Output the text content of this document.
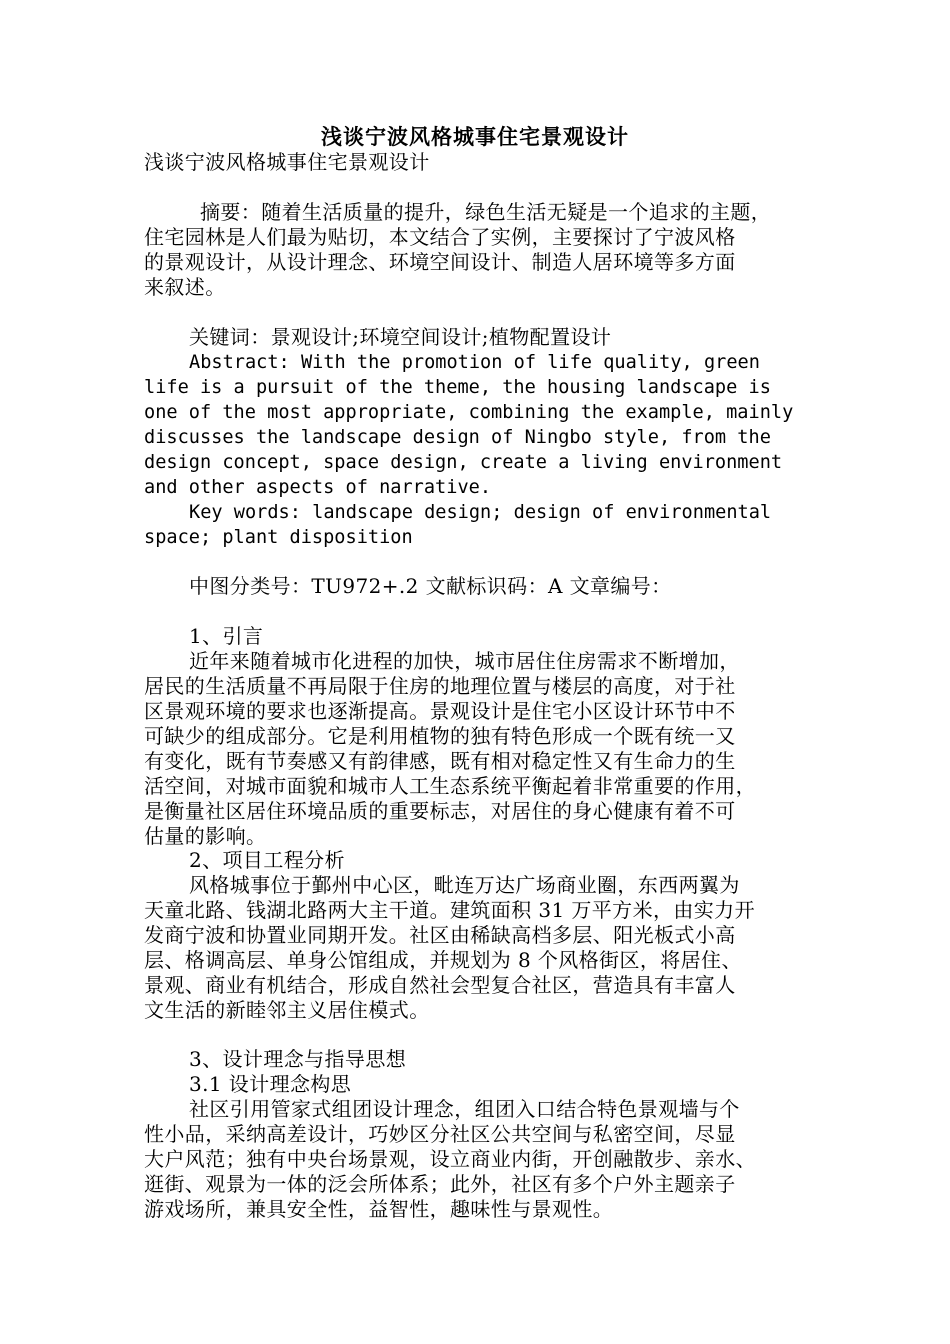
浅谈宁波风格城事住宅景观设计
浅谈宁波风格城事住宅景观设计
摘要：随着生活质量的提升，绿色生活无疑是一个追求的主题，
住宅园林是人们最为贴切，本文结合了实例，主要探讨了宁波风格
的景观设计，从设计理念、环境空间设计、制造人居环境等多方面
来叙述。
关键词：景观设计;环境空间设计;植物配置设计
Abstract: With the promotion of life quality, green
life is a pursuit of the theme, the housing landscape is
one of the most appropriate, combining the example, mainly
discusses the landscape design of Ningbo style, from the
design concept, space design, create a living environment
and other aspects of narrative.
Key words: landscape design; design of environmental
space; plant disposition
中图分类号：TU972+.2 文献标识码：A 文章编号：
1、引言
近年来随着城市化进程的加快，城市居住住房需求不断增加，
居民的生活质量不再局限于住房的地理位置与楼层的高度，对于社
区景观环境的要求也逐渐提高。景观设计是住宅小区设计环节中不
可缺少的组成部分。它是利用植物的独有特色形成一个既有统一又
有变化，既有节奏感又有韵律感，既有相对稳定性又有生命力的生
活空间，对城市面貌和城市人工生态系统平衡起着非常重要的作用，
是衡量社区居住环境品质的重要标志，对居住的身心健康有着不可
估量的影响。
2、项目工程分析
风格城事位于鄞州中心区，毗连万达广场商业圈，东西两翼为
天童北路、钱湖北路两大主干道。建筑面积 31 万平方米，由实力开
发商宁波和协置业同期开发。社区由稀缺高档多层、阳光板式小高
层、格调高层、单身公馆组成，并规划为 8 个风格街区，将居住、
景观、商业有机结合，形成自然社会型复合社区，营造具有丰富人
文生活的新睦邻主义居住模式。
3、设计理念与指导思想
3.1 设计理念构思
社区引用管家式组团设计理念，组团入口结合特色景观墙与个
性小品，采纳高差设计，巧妙区分社区公共空间与私密空间，尽显
大户风范；独有中央台场景观，设立商业内街，开创融散步、亲水、
逛街、观景为一体的泛会所体系；此外，社区有多个户外主题亲子
游戏场所，兼具安全性，益智性，趣味性与景观性。
